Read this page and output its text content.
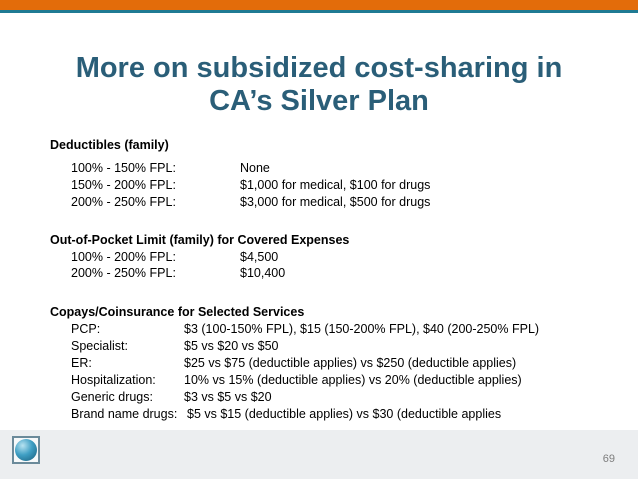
More on subsidized cost-sharing in
CA’s Silver Plan
Deductibles (family)
100% - 150% FPL:	None
150% - 200% FPL:	$1,000 for medical, $100 for drugs
200% - 250% FPL:	$3,000 for medical, $500 for drugs
Out-of-Pocket Limit (family) for Covered Expenses
100% - 200% FPL:	$4,500
200% - 250% FPL:	$10,400
Copays/Coinsurance for Selected Services
PCP:	$3 (100-150% FPL), $15 (150-200% FPL), $40 (200-250% FPL)
Specialist:	$5 vs $20 vs $50
ER:	$25 vs $75 (deductible applies) vs $250 (deductible applies)
Hospitalization: 10% vs 15% (deductible applies) vs 20% (deductible applies)
Generic drugs: $3 vs $5 vs $20
Brand name drugs: $5 vs $15 (deductible applies) vs $30 (deductible applies
69
